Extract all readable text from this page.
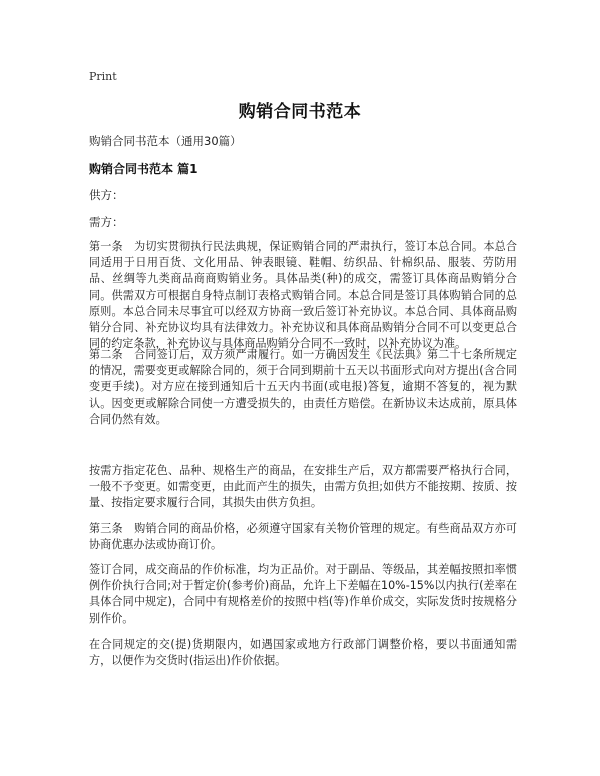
Print
购销合同书范本
购销合同书范本（通用30篇）
购销合同书范本 篇1
供方：
需方：
第一条　为切实贯彻执行民法典规，保证购销合同的严肃执行，签订本总合同。本总合同适用于日用百货、文化用品、钟表眼镜、鞋帽、纺织品、针棉织品、服装、劳防用品、丝绸等九类商品商商购销业务。具体品类(种)的成交，需签订具体商品购销分合同。供需双方可根据自身特点制订表格式购销合同。本总合同是签订具体购销合同的总原则。本总合同未尽事宜可以经双方协商一致后签订补充协议。本总合同、具体商品购销分合同、补充协议均具有法律效力。补充协议和具体商品购销分合同不可以变更总合同的约定条款，补充协议与具体商品购销分合同不一致时，以补充协议为准。
第二条　合同签订后，双方须严肃履行。如一方确因发生《民法典》第二十七条所规定的情况，需要变更或解除合同的，须于合同到期前十五天以书面形式向对方提出(含合同变更手续)。对方应在接到通知后十五天内书面(或电报)答复，逾期不答复的，视为默认。因变更或解除合同使一方遭受损失的，由责任方赔偿。在新协议未达成前，原具体合同仍然有效。
按需方指定花色、品种、规格生产的商品，在安排生产后，双方都需要严格执行合同，一般不予变更。如需变更，由此而产生的损失，由需方负担;如供方不能按期、按质、按量、按指定要求履行合同，其损失由供方负担。
第三条　购销合同的商品价格，必须遵守国家有关物价管理的规定。有些商品双方亦可协商优惠办法或协商订价。
签订合同，成交商品的作价标准，均为正品价。对于副品、等级品，其差幅按照扣率惯例作价执行合同;对于暂定价(参考价)商品，允许上下差幅在10%-15%以内执行(差率在具体合同中规定)，合同中有规格差价的按照中档(等)作单价成交，实际发货时按规格分别作价。
在合同规定的交(提)货期限内，如遇国家或地方行政部门调整价格，要以书面通知需方，以便作为交货时(指运出)作价依据。
